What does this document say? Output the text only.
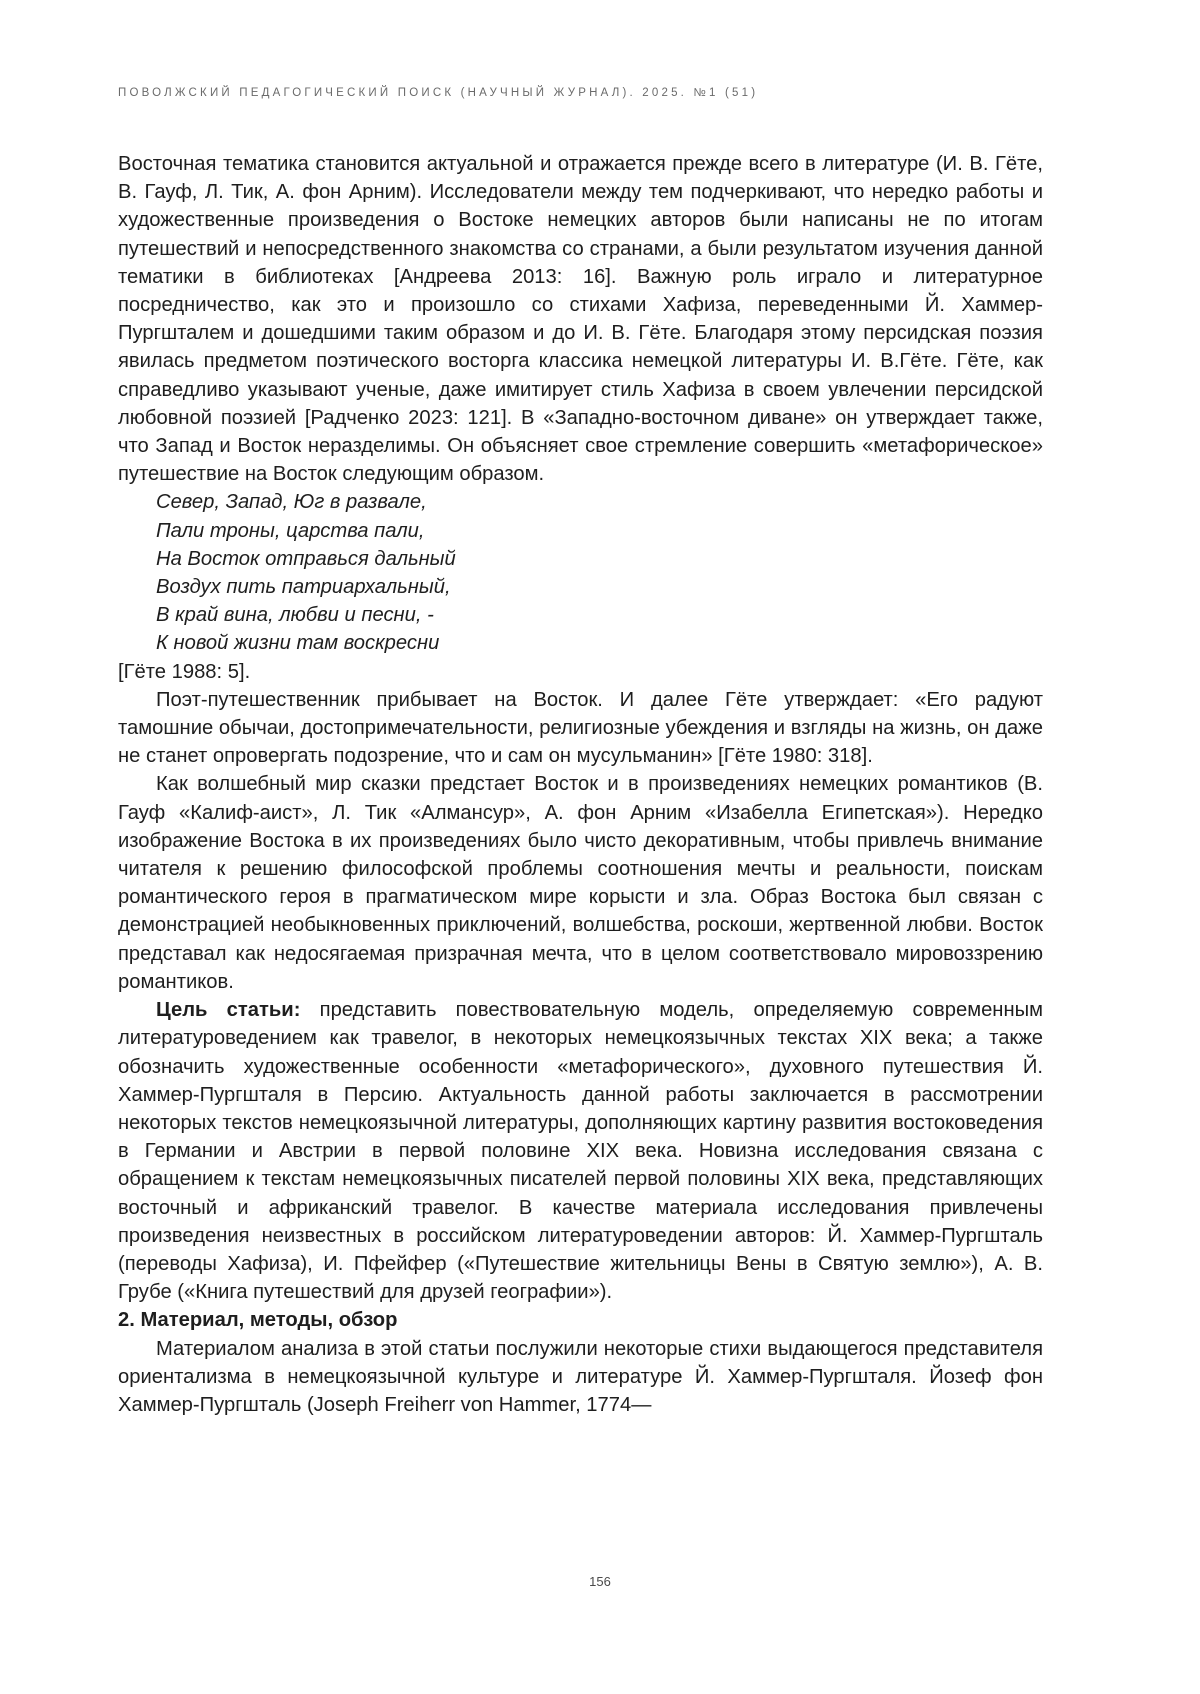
ПОВОЛЖСКИЙ ПЕДАГОГИЧЕСКИЙ ПОИСК (НАУЧНЫЙ ЖУРНАЛ). 2025. №1 (51)

Восточная тематика становится актуальной и отражается прежде всего в литературе (И. В. Гёте, В. Гауф, Л. Тик, А. фон Арним). Исследователи между тем подчеркивают, что нередко работы и художественные произведения о Востоке немецких авторов были написаны не по итогам путешествий и непосредственного знакомства со странами, а были результатом изучения данной тематики в библиотеках [Андреева 2013: 16]. Важную роль играло и литературное посредничество, как это и произошло со стихами Хафиза, переведенными Й. Хаммер-Пургшталем и дошедшими таким образом и до И. В. Гёте. Благодаря этому персидская поэзия явилась предметом поэтического восторга классика немецкой литературы И. В.Гёте. Гёте, как справедливо указывают ученые, даже имитирует стиль Хафиза в своем увлечении персидской любовной поэзией [Радченко 2023: 121]. В «Западно-восточном диване» он утверждает также, что Запад и Восток неразделимы. Он объясняет свое стремление совершить «метафорическое» путешествие на Восток следующим образом.

Север, Запад, Юг в развале,
Пали троны, царства пали,
На Восток отправься дальный
Воздух пить патриархальный,
В край вина, любви и песни, -
К новой жизни там воскресни

[Гёте 1988: 5].

Поэт-путешественник прибывает на Восток. И далее Гёте утверждает: «Его радуют тамошние обычаи, достопримечательности, религиозные убеждения и взгляды на жизнь, он даже не станет опровергать подозрение, что и сам он мусульманин» [Гёте 1980: 318].

Как волшебный мир сказки предстает Восток и в произведениях немецких романтиков (В. Гауф «Калиф-аист», Л. Тик «Алмансур», А. фон Арним «Изабелла Египетская»). Нередко изображение Востока в их произведениях было чисто декоративным, чтобы привлечь внимание читателя к решению философской проблемы соотношения мечты и реальности, поискам романтического героя в прагматическом мире корысти и зла. Образ Востока был связан с демонстрацией необыкновенных приключений, волшебства, роскоши, жертвенной любви. Восток представал как недосягаемая призрачная мечта, что в целом соответствовало мировоззрению романтиков.

Цель статьи: представить повествовательную модель, определяемую современным литературоведением как травелог, в некоторых немецкоязычных текстах XIX века; а также обозначить художественные особенности «метафорического», духовного путешествия Й. Хаммер-Пургшталя в Персию. Актуальность данной работы заключается в рассмотрении некоторых текстов немецкоязычной литературы, дополняющих картину развития востоковедения в Германии и Австрии в первой половине XIX века. Новизна исследования связана с обращением к текстам немецкоязычных писателей первой половины XIX века, представляющих восточный и африканский травелог. В качестве материала исследования привлечены произведения неизвестных в российском литературоведении авторов: Й. Хаммер-Пургшталь (переводы Хафиза), И. Пфейфер («Путешествие жительницы Вены в Святую землю»), А. В. Грубе («Книга путешествий для друзей географии»).

2. Материал, методы, обзор

Материалом анализа в этой статьи послужили некоторые стихи выдающегося представителя ориентализма в немецкоязычной культуре и литературе Й. Хаммер-Пургшталя. Йозеф фон Хаммер-Пургшталь (Joseph Freiherr von Hammer, 1774—

156
